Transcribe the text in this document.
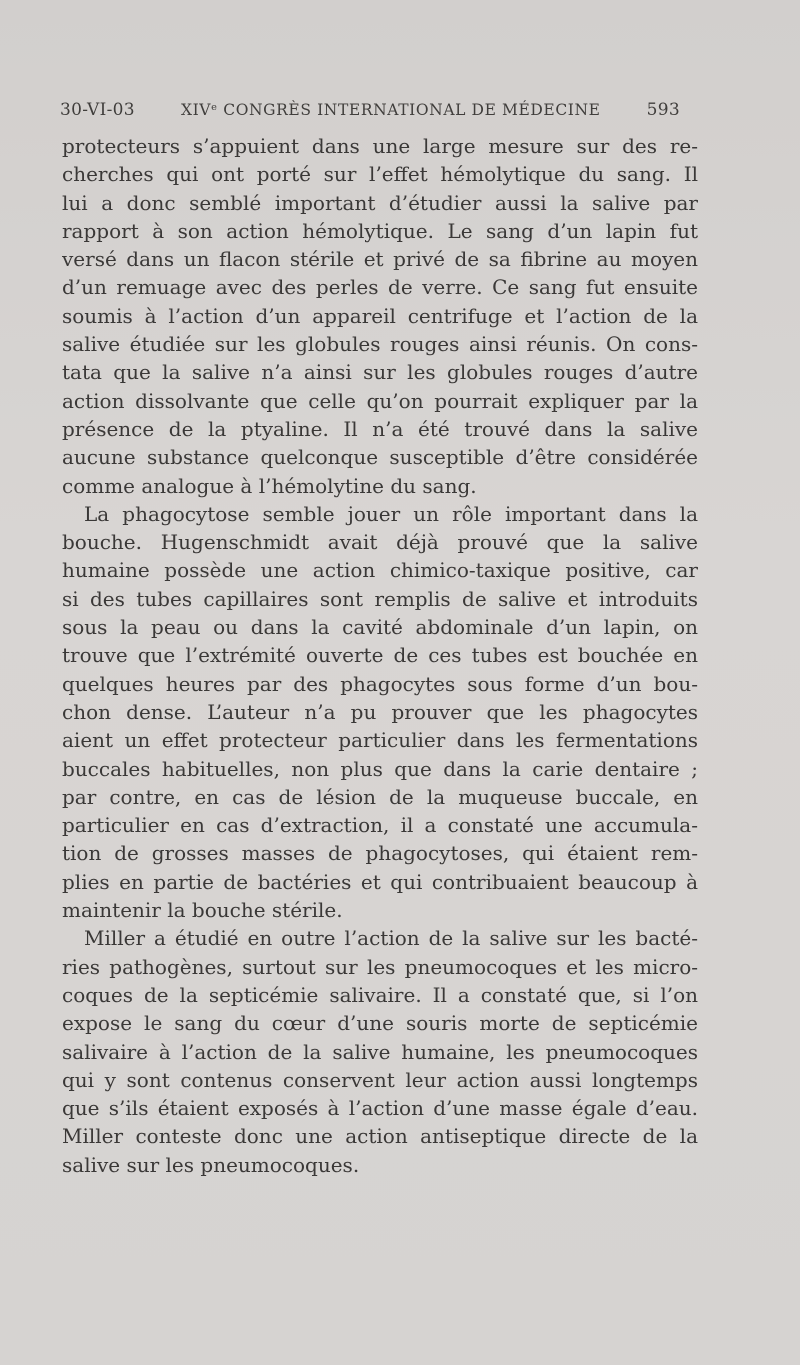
30-VI-03	XIVᵉ CONGRÈS INTERNATIONAL DE MÉDECINE	593
protecteurs s’appuient dans une large mesure sur des re-
cherches qui ont porté sur l’effet hémolytique du sang. Il
lui a donc semblé important d’étudier aussi la salive par
rapport à son action hémolytique. Le sang d’un lapin fut
versé dans un flacon stérile et privé de sa fibrine au moyen
d’un remuage avec des perles de verre. Ce sang fut ensuite
soumis à l’action d’un appareil centrifuge et l’action de la
salive étudiée sur les globules rouges ainsi réunis. On cons-
tata que la salive n’a ainsi sur les globules rouges d’autre
action dissolvante que celle qu’on pourrait expliquer par la
présence de la ptyaline. Il n’a été trouvé dans la salive
aucune substance quelconque susceptible d’être considérée
comme analogue à l’hémolytine du sang.
La phagocytose semble jouer un rôle important dans la
bouche. Hugenschmidt avait déjà prouvé que la salive
humaine possède une action chimico-taxique positive, car
si des tubes capillaires sont remplis de salive et introduits
sous la peau ou dans la cavité abdominale d’un lapin, on
trouve que l’extrémité ouverte de ces tubes est bouchée en
quelques heures par des phagocytes sous forme d’un bou-
chon dense. L’auteur n’a pu prouver que les phagocytes
aient un effet protecteur particulier dans les fermentations
buccales habituelles, non plus que dans la carie dentaire ;
par contre, en cas de lésion de la muqueuse buccale, en
particulier en cas d’extraction, il a constaté une accumula-
tion de grosses masses de phagocytoses, qui étaient rem-
plies en partie de bactéries et qui contribuaient beaucoup à
maintenir la bouche stérile.
Miller a étudié en outre l’action de la salive sur les bacté-
ries pathogènes, surtout sur les pneumocoques et les micro-
coques de la septicémie salivaire. Il a constaté que, si l’on
expose le sang du cœur d’une souris morte de septicémie
salivaire à l’action de la salive humaine, les pneumocoques
qui y sont contenus conservent leur action aussi longtemps
que s’ils étaient exposés à l’action d’une masse égale d’eau.
Miller conteste donc une action antiseptique directe de la
salive sur les pneumocoques.
